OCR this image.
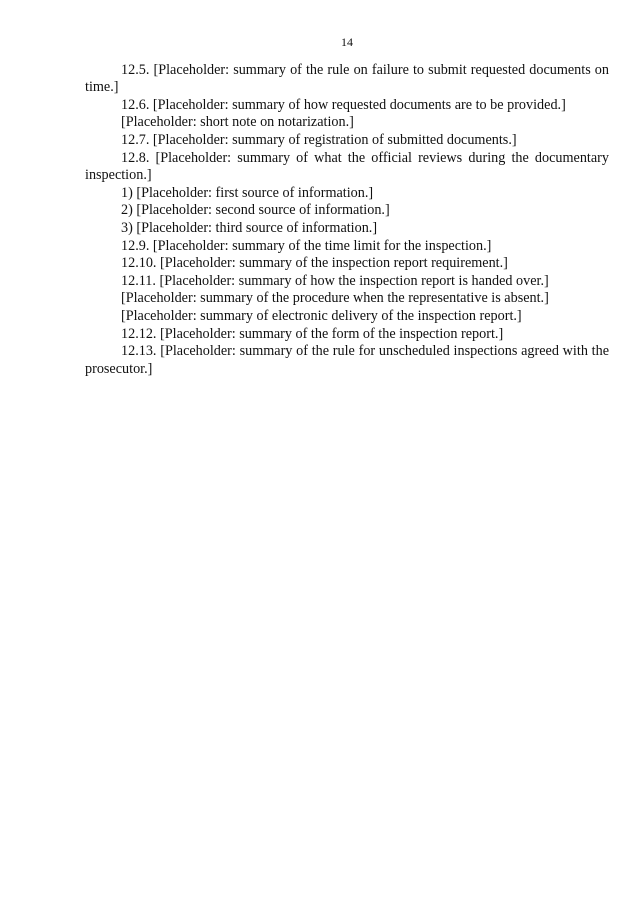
14

12.5. [Placeholder: summary of the rule on failure to submit requested documents on time.]

12.6. [Placeholder: summary of how requested documents are to be provided.]

[Placeholder: short note on notarization.]

12.7. [Placeholder: summary of registration of submitted documents.]

12.8. [Placeholder: summary of what the official reviews during the documentary inspection.]

1) [Placeholder: first source of information.]

2) [Placeholder: second source of information.]

3) [Placeholder: third source of information.]

12.9. [Placeholder: summary of the time limit for the inspection.]

12.10. [Placeholder: summary of the inspection report requirement.]

12.11. [Placeholder: summary of how the inspection report is handed over.]

[Placeholder: summary of the procedure when the representative is absent.]

[Placeholder: summary of electronic delivery of the inspection report.]

12.12. [Placeholder: summary of the form of the inspection report.]

12.13. [Placeholder: summary of the rule for unscheduled inspections agreed with the prosecutor.]
